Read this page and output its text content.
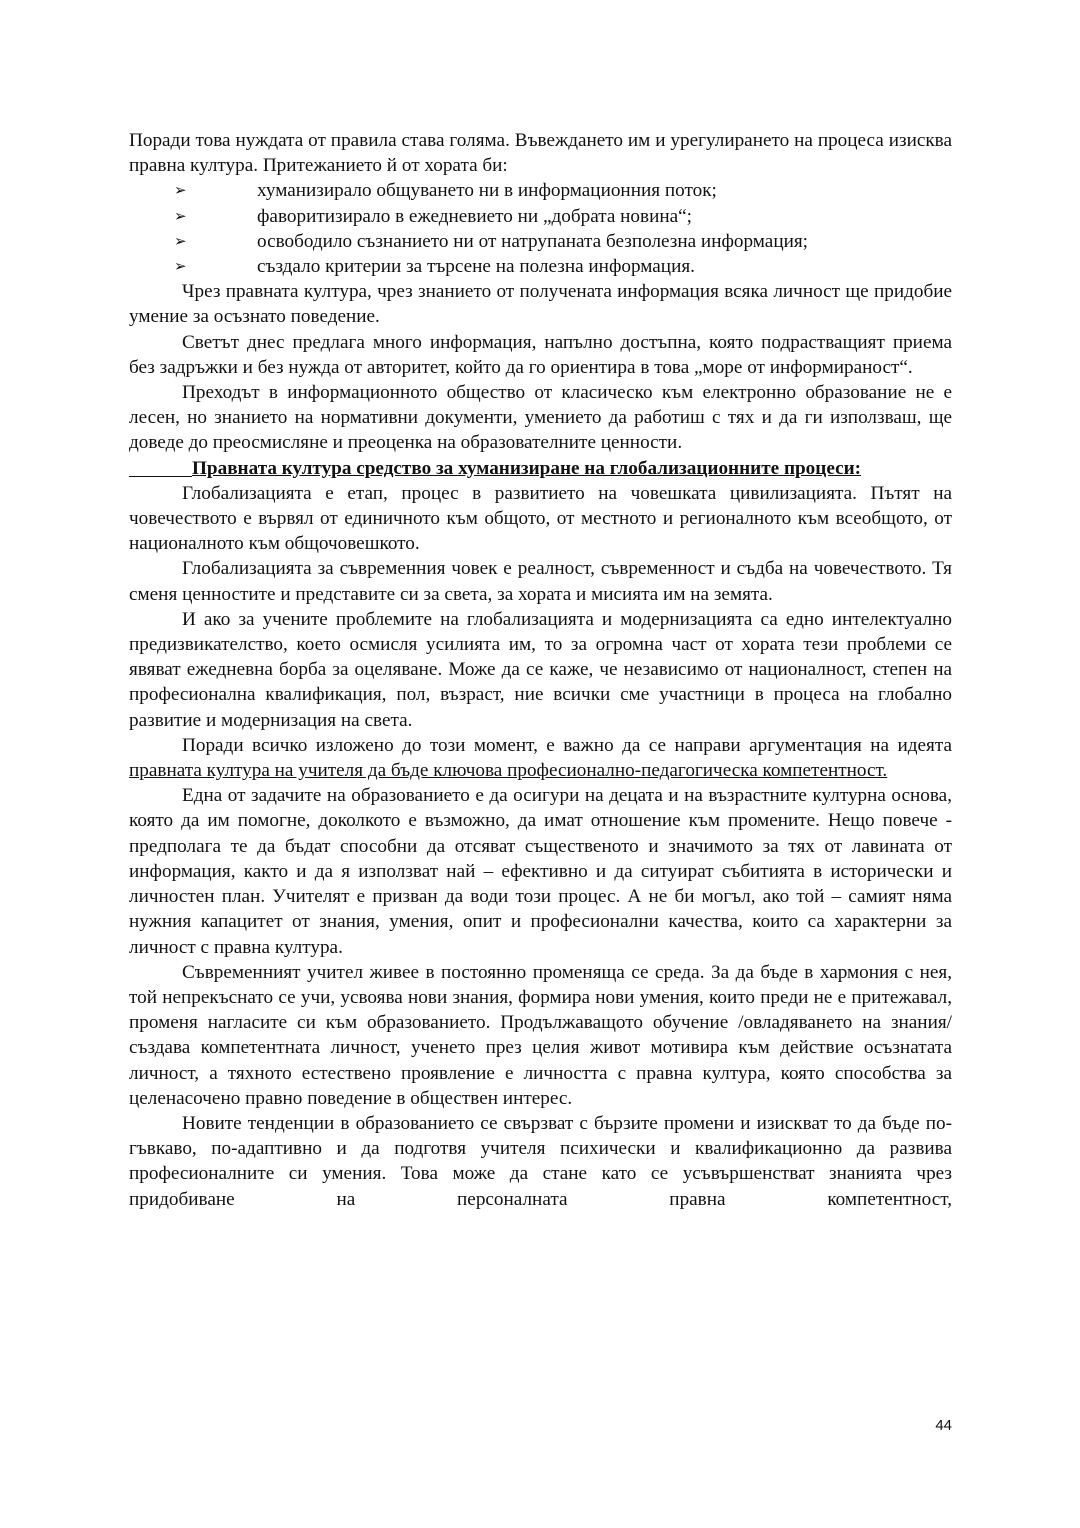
Поради това нуждата от правила става голяма. Въвеждането им и урегулирането на процеса изисква правна култура. Притежанието й от хората би:

➢	хуманизирало общуването ни в информационния поток;
➢	фаворитизирало в ежедневието ни „добрата новина“;
➢	освободило съзнанието ни от натрупаната безполезна информация;
➢	създало критерии за търсене на полезна информация.

Чрез правната култура, чрез знанието от получената информация всяка личност ще придобие умение за осъзнато поведение.

Светът днес предлага много информация, напълно достъпна, която подрастващият приема без задръжки и без нужда от авторитет, който да го ориентира в това „море от информираност“.

Преходът в информационното общество от класическо към електронно образование не е лесен, но знанието на нормативни документи, умението да работиш с тях и да ги използваш, ще доведе до преосмисляне и преоценка на образователните ценности.

Правната култура средство за хуманизиране на глобализационните процеси:

Глобализацията е етап, процес в развитието на човешката цивилизацията. Пътят на човечеството е вървял от единичното към общото, от местното и регионалното към всеобщото, от националното към общочовешкото.

Глобализацията за съвременния човек е реалност, съвременност и съдба на човечеството. Тя сменя ценностите и представите си за света, за хората и мисията им на земята.

И ако за учените проблемите на глобализацията и модернизацията са едно интелектуално предизвикателство, което осмисля усилията им, то за огромна част от хората тези проблеми се явяват ежедневна борба за оцеляване. Може да се каже, че независимо от националност, степен на професионална квалификация, пол, възраст, ние всички сме участници в процеса на глобално развитие и модернизация на света.

Поради всичко изложено до този момент, е важно да се направи аргументация на идеята правната култура на учителя да бъде ключова професионално-педагогическа компетентност.

Една от задачите на образованието е да осигури на децата и на възрастните културна основа, която да им помогне, доколкото е възможно, да имат отношение към промените. Нещо повече - предполага те да бъдат способни да отсяват същественото и значимото за тях от лавината от информация, както и да я използват най – ефективно и да ситуират събитията в исторически и личностен план. Учителят е призван да води този процес. А не би могъл, ако той – самият няма нужния капацитет от знания, умения, опит и професионални качества, които са характерни за личност с правна култура.

Съвременният учител живее в постоянно променяща се среда. За да бъде в хармония с нея, той непрекъснато се учи, усвоява нови знания, формира нови умения, които преди не е притежавал, променя нагласите си към образованието. Продължаващото обучение /овладяването на знания/ създава компетентната личност, ученето през целия живот мотивира към действие осъзнатата личност, а тяхното естествено проявление е личността с правна култура, която способства за целенасочено правно поведение в обществен интерес.

Новите тенденции в образованието се свързват с бързите промени и изискват то да бъде по-гъвкаво, по-адаптивно и да подготвя учителя психически и квалификационно да развива професионалните си умения. Това може да стане като се усъвършенстват знанията чрез придобиване на персоналната правна компетентност,

44
